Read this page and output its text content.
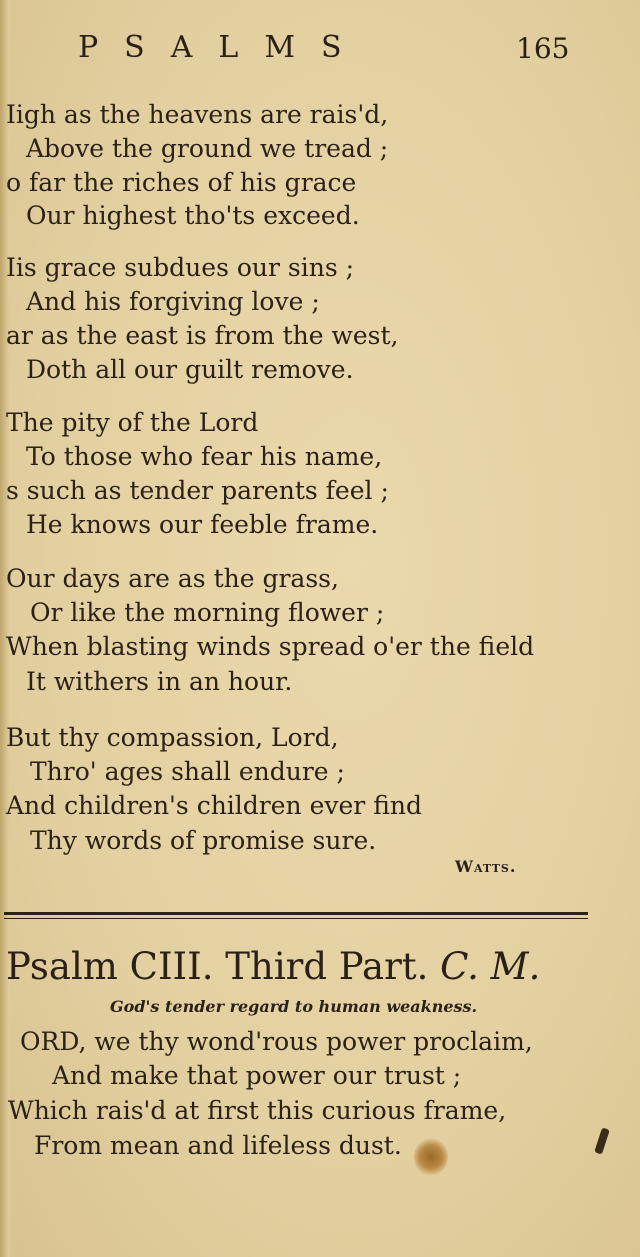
PSALMS	165
Iigh as the heavens are rais'd,
Above the ground we tread ;
o far the riches of his grace
Our highest tho'ts exceed.
Iis grace subdues our sins ;
And his forgiving love ;
ar as the east is from the west,
Doth all our guilt remove.
The pity of the Lord
To those who fear his name,
s such as tender parents feel ;
He knows our feeble frame.
Our days are as the grass,
Or like the morning flower ;
When blasting winds spread o'er the field
It withers in an hour.
But thy compassion, Lord,
Thro' ages shall endure ;
And children's children ever find
Thy words of promise sure.
Watts.
Psalm CIII. Third Part. C. M.
God's tender regard to human weakness.
ORD, we thy wond'rous power proclaim,
And make that power our trust ;
Which rais'd at first this curious frame,
From mean and lifeless dust.
